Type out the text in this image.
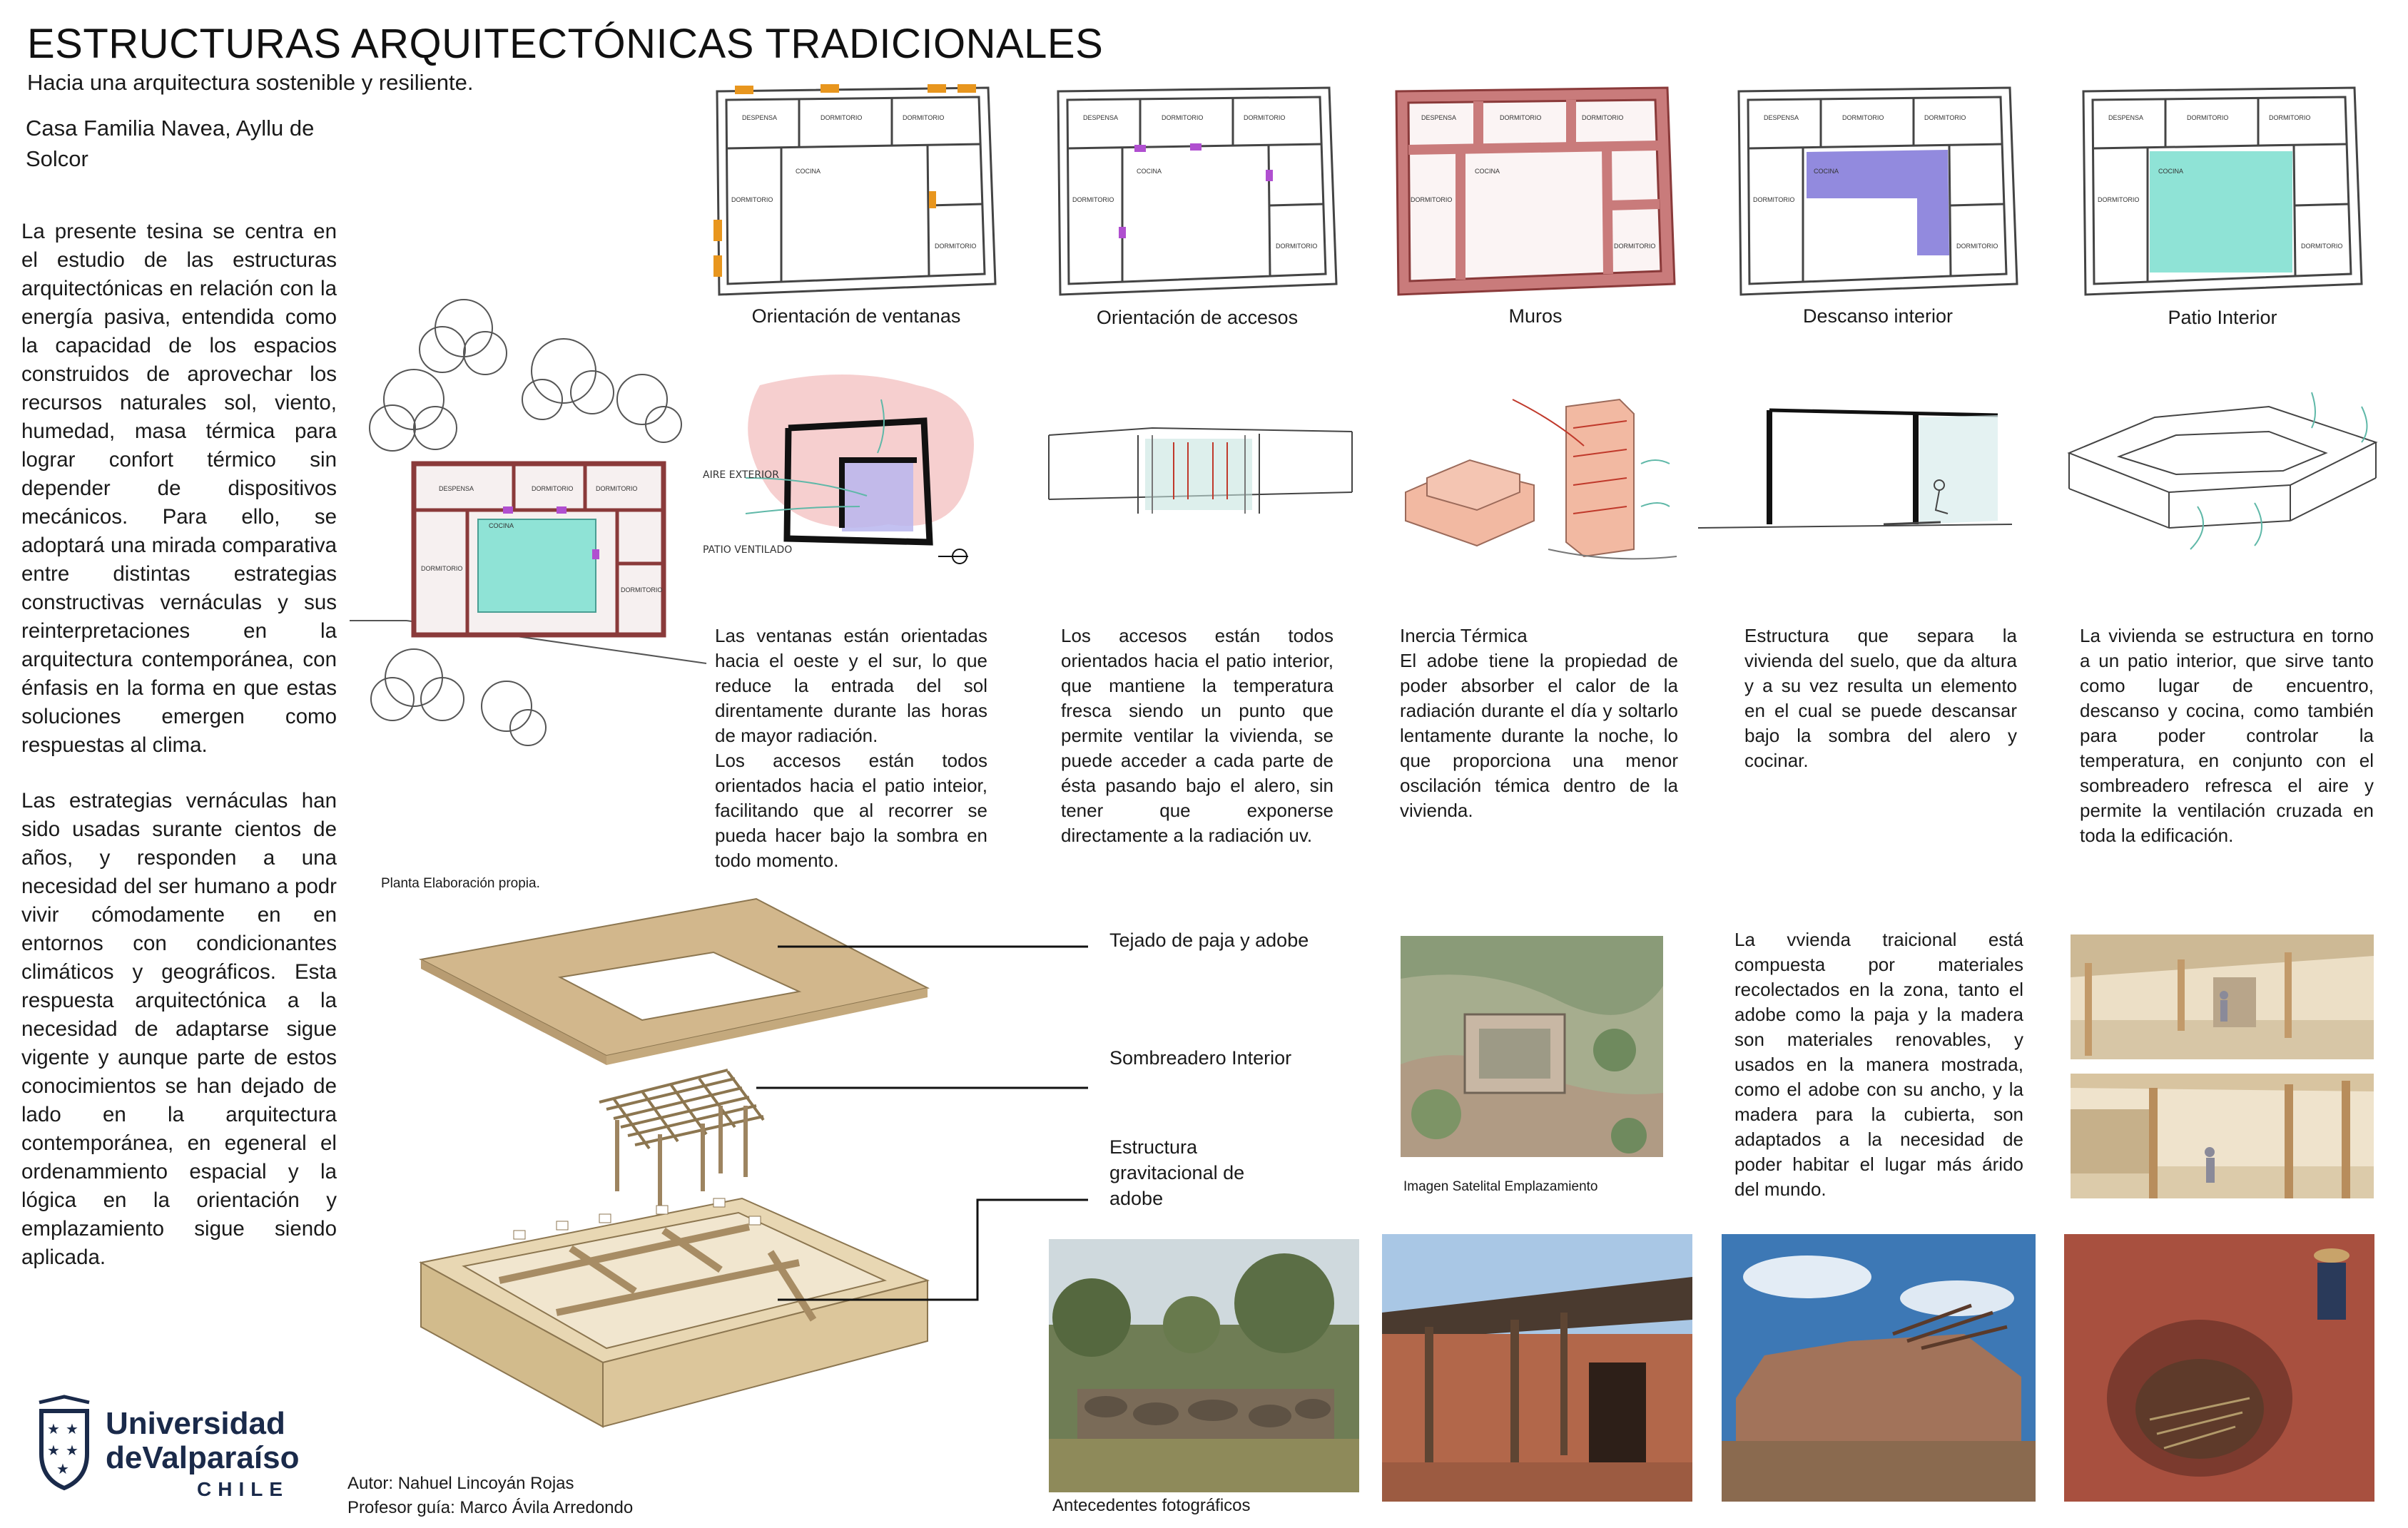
ESTRUCTURAS ARQUITECTÓNICAS TRADICIONALES
Hacia una arquitectura sostenible y resiliente.
Casa Familia Navea, Ayllu de Solcor

La presente tesina se centra en el estudio de las estructuras arquitectónicas en relación con la energía pasiva, entendida como la capacidad de los espacios construidos de aprovechar los recursos naturales sol, viento, humedad, masa térmica para lograr confort térmico sin depender de dispositivos mecánicos. Para ello, se adoptará una mirada comparativa entre distintas estrategias constructivas vernáculas y sus reinterpretaciones en la arquitectura contemporánea, con énfasis en la forma en que estas soluciones emergen como respuestas al clima.

Las estrategias vernáculas han sido usadas surante cientos de años, y responden a una necesidad del ser humano a podr vivir cómodamente en en entornos con condicionantes climáticos y geográficos. Esta respuesta arquitectónica a la necesidad de adaptarse sigue vigente y aunque parte de estos conocimientos se han dejado de lado en la arquitectura contemporánea, en egeneral el ordenammiento espacial y la lógica en la orientación y emplazamiento sigue siendo aplicada.

DESPENSA	DORMITORIO	DORMITORIO
DORMITORIO
COCINA
DORMITORIO
Planta Elaboración propia.
DESPENSA	DORMITORIO	DORMITORIO
DORMITORIO
DORMITORIO
COCINA
Orientación de ventanas
DESPENSA	DORMITORIO	DORMITORIO
DORMITORIO
DORMITORIO
COCINA
Orientación de accesos
DESPENSA	DORMITORIO	DORMITORIO
DORMITORIO
DORMITORIO
COCINA
Muros
DESPENSA	DORMITORIO	DORMITORIO
DORMITORIO
DORMITORIO
COCINA
Descanso interior
DESPENSA	DORMITORIO	DORMITORIO
DORMITORIO
DORMITORIO
COCINA
Patio Interior
AIRE EXTERIOR
PATIO VENTILADO

Las ventanas están orientadas hacia el oeste y el sur, lo que reduce la entrada del sol direntamente durante las horas de mayor radiación.

Los accesos están todos orientados hacia el patio inteior, facilitando que al recorrer se pueda hacer bajo la sombra en todo momento.

Los accesos están todos orientados hacia el patio interior, que mantiene la temperatura fresca siendo un punto que permite ventilar la vivienda, se puede acceder a cada parte de ésta pasando bajo el alero, sin tener que exponerse directamente a la radiación uv.

Inercia Térmica

El adobe tiene la propiedad de poder absorber el calor de la radiación durante el día y soltarlo lentamente durante la noche, lo que proporciona una menor oscilación témica dentro de la vivienda.

Estructura que separa la viviendа del suelo, que da altura y a su vez resulta un elemento en el cual se puede descansar bajo la sombra del alero y cocinar.

La vivienda se estructura en torno a un patio interior, que sirve tanto como lugar de encuentro, descanso y cocina, como también para poder controlar la temperatura, en conjunto con el sombreadero refresca el aire y permite la ventilación cruzada en toda la edificación.

Tejado de paja y adobe
Sombreadero Interior
Estructura gravitacional de adobe
Imagen Satelital Emplazamiento
La vvienda traicional está compuesta por materiales recolectados en la zona, tanto el adobe como la paja y la madera son materiales renovables, y usados en la manera mostrada, como el adobe con su ancho, y la madera para la cubierta, son adaptados a la necesidad de poder habitar el lugar más árido del mundo.
Antecedentes fotográficos
Autor: Nahuel Lincoyán Rojas
Profesor guía: Marco Ávila Arredondo
★ ★
★ ★
★
Universidad
deValparaíso
CHILE
